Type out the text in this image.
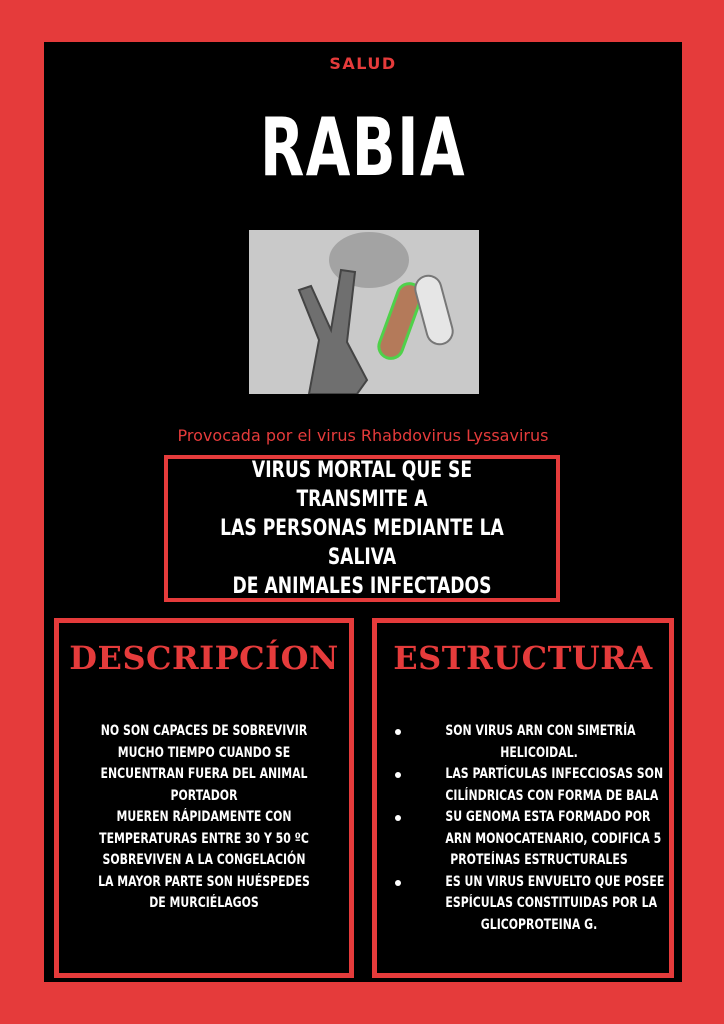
SALUD
RABIA
Provocada por el virus Rhabdovirus Lyssavirus
VIRUS MORTAL QUE SE TRANSMITE A
LAS PERSONAS MEDIANTE LA SALIVA
DE ANIMALES INFECTADOS
DESCRIPCÍON
NO SON CAPACES DE SOBREVIVIR
MUCHO TIEMPO CUANDO SE
ENCUENTRAN FUERA DEL ANIMAL
PORTADOR
MUEREN RÁPIDAMENTE CON
TEMPERATURAS ENTRE 30 Y 50 ºC
SOBREVIVEN A LA CONGELACIÓN
LA MAYOR PARTE SON HUÉSPEDES
DE MURCIÉLAGOS
ESTRUCTURA
SON VIRUS ARN CON SIMETRÍA
HELICOIDAL.
LAS PARTÍCULAS INFECCIOSAS SON
CILÍNDRICAS CON FORMA DE BALA
SU GENOMA ESTA FORMADO POR
ARN MONOCATENARIO, CODIFICA 5
PROTEÍNAS ESTRUCTURALES
ES UN VIRUS ENVUELTO QUE POSEE
ESPÍCULAS CONSTITUIDAS POR LA
GLICOPROTEINA G.
